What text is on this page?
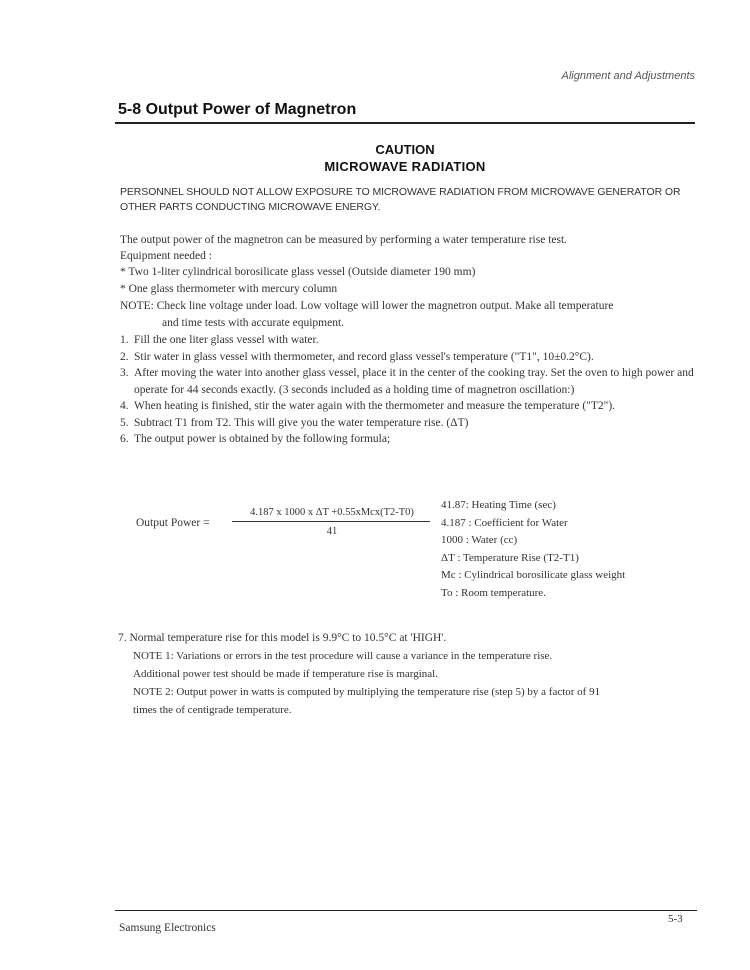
Alignment and Adjustments
5-8 Output Power of Magnetron
CAUTION
MICROWAVE RADIATION
PERSONNEL SHOULD NOT ALLOW EXPOSURE TO MICROWAVE RADIATION FROM MICROWAVE GENERATOR OR OTHER PARTS CONDUCTING MICROWAVE ENERGY.
The output power of the magnetron can be measured by performing a water temperature rise test.
Equipment needed :
* Two 1-liter cylindrical borosilicate glass vessel (Outside diameter 190 mm)
* One glass thermometer with mercury column
NOTE: Check line voltage under load. Low voltage will lower the magnetron output. Make all temperature
and time tests with accurate equipment.
1. Fill the one liter glass vessel with water.
2. Stir water in glass vessel with thermometer, and record glass vessel's temperature ("T1", 10±0.2°C).
3. After moving the water into another glass vessel, place it in the center of the cooking tray. Set the oven to high power and operate for 44 seconds exactly. (3 seconds included as a holding time of magnetron oscillation:)
4. When heating is finished, stir the water again with the thermometer and measure the temperature ("T2").
5. Subtract T1 from T2. This will give you the water temperature rise. (ΔT)
6. The output power is obtained by the following formula;
Output Power =
4.187 x 1000 x ΔT +0.55xMcx(T2-T0)
41
41.87: Heating Time (sec)
4.187 : Coefficient for Water
1000 : Water (cc)
ΔT : Temperature Rise (T2-T1)
Mc : Cylindrical borosilicate glass weight
To : Room temperature.
7. Normal temperature rise for this model is 9.9°C to 10.5°C at 'HIGH'.
NOTE 1: Variations or errors in the test procedure will cause a variance in the temperature rise.
Additional power test should be made if temperature rise is marginal.
NOTE 2: Output power in watts is computed by multiplying the temperature rise (step 5) by a factor of 91
times the of centigrade temperature.
Samsung Electronics
5-3
